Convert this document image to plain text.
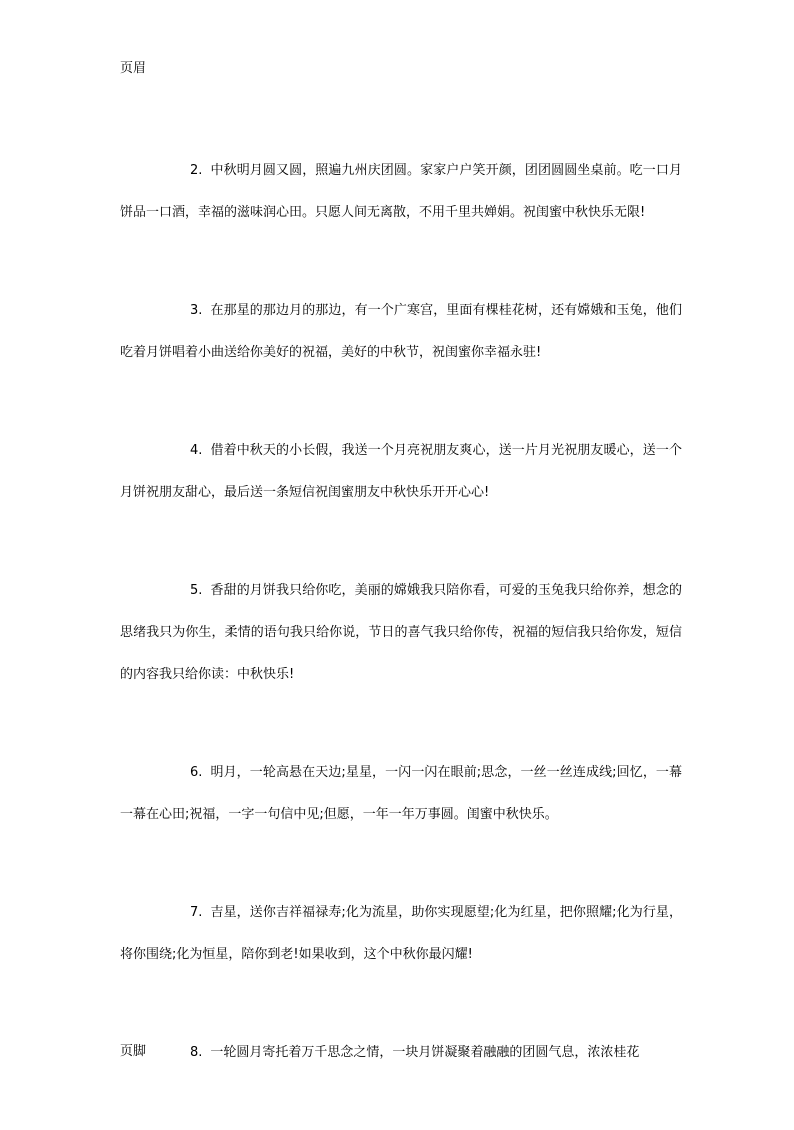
页眉

2. 中秋明月圆又圆，照遍九州庆团圆。家家户户笑开颜，团团圆圆坐桌前。吃一口月饼品一口酒，幸福的滋味润心田。只愿人间无离散，不用千里共婵娟。祝闺蜜中秋快乐无限!

3. 在那星的那边月的那边，有一个广寒宫，里面有棵桂花树，还有嫦娥和玉兔，他们吃着月饼唱着小曲送给你美好的祝福，美好的中秋节，祝闺蜜你幸福永驻!

4. 借着中秋天的小长假，我送一个月亮祝朋友爽心，送一片月光祝朋友暖心，送一个月饼祝朋友甜心，最后送一条短信祝闺蜜朋友中秋快乐开开心心!

5. 香甜的月饼我只给你吃，美丽的嫦娥我只陪你看，可爱的玉兔我只给你养，想念的思绪我只为你生，柔情的语句我只给你说，节日的喜气我只给你传，祝福的短信我只给你发，短信的内容我只给你读：中秋快乐!

6. 明月，一轮高悬在天边;星星，一闪一闪在眼前;思念，一丝一丝连成线;回忆，一幕一幕在心田;祝福，一字一句信中见;但愿，一年一年万事圆。闺蜜中秋快乐。

7. 吉星，送你吉祥福禄寿;化为流星，助你实现愿望;化为红星，把你照耀;化为行星，将你围绕;化为恒星，陪你到老!如果收到，这个中秋你最闪耀!

8. 一轮圆月寄托着万千思念之情，一块月饼凝聚着融融的团圆气息，浓浓桂花

页脚
